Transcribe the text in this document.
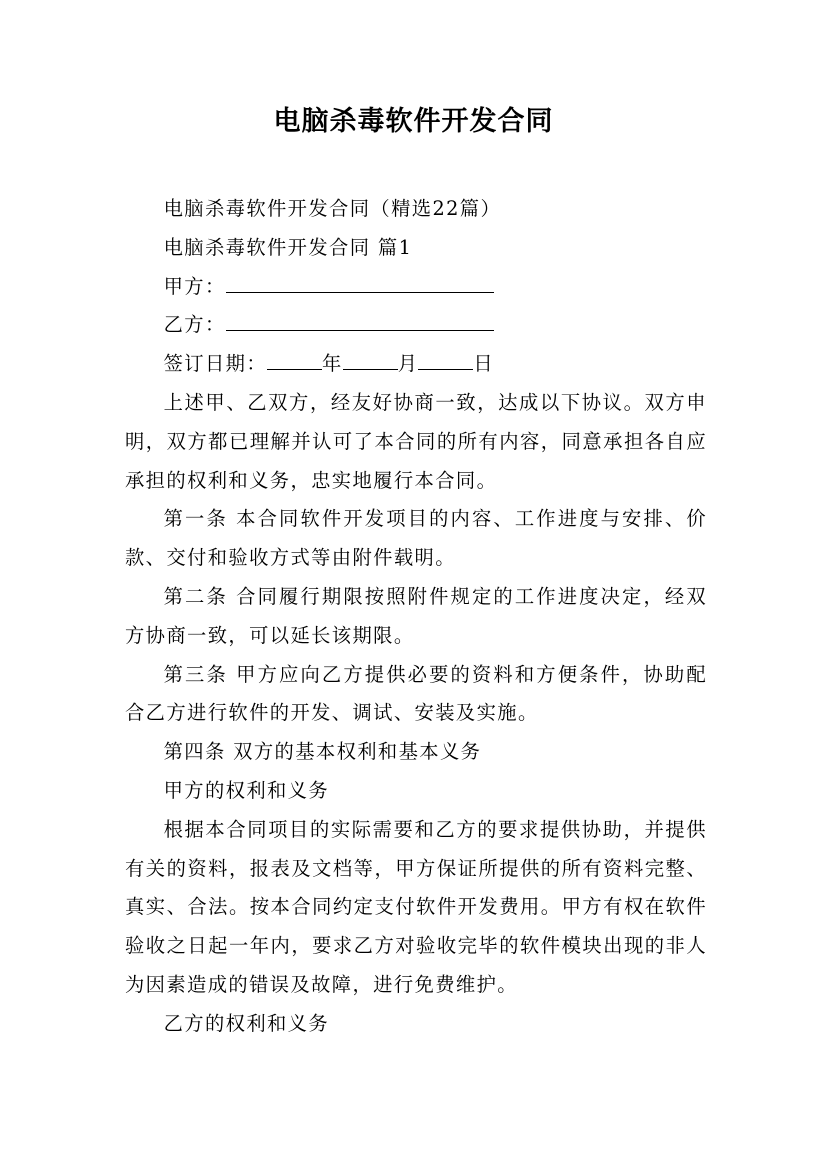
电脑杀毒软件开发合同

电脑杀毒软件开发合同（精选22篇）

电脑杀毒软件开发合同 篇1

甲方：

乙方：

签订日期：	年	月	日

上述甲、乙双方，经友好协商一致，达成以下协议。双方申明，双方都已理解并认可了本合同的所有内容，同意承担各自应承担的权利和义务，忠实地履行本合同。

第一条 本合同软件开发项目的内容、工作进度与安排、价款、交付和验收方式等由附件载明。

第二条 合同履行期限按照附件规定的工作进度决定，经双方协商一致，可以延长该期限。

第三条 甲方应向乙方提供必要的资料和方便条件，协助配合乙方进行软件的开发、调试、安装及实施。

第四条 双方的基本权利和基本义务

甲方的权利和义务

根据本合同项目的实际需要和乙方的要求提供协助，并提供有关的资料，报表及文档等，甲方保证所提供的所有资料完整、真实、合法。按本合同约定支付软件开发费用。甲方有权在软件验收之日起一年内，要求乙方对验收完毕的软件模块出现的非人为因素造成的错误及故障，进行免费维护。

乙方的权利和义务
